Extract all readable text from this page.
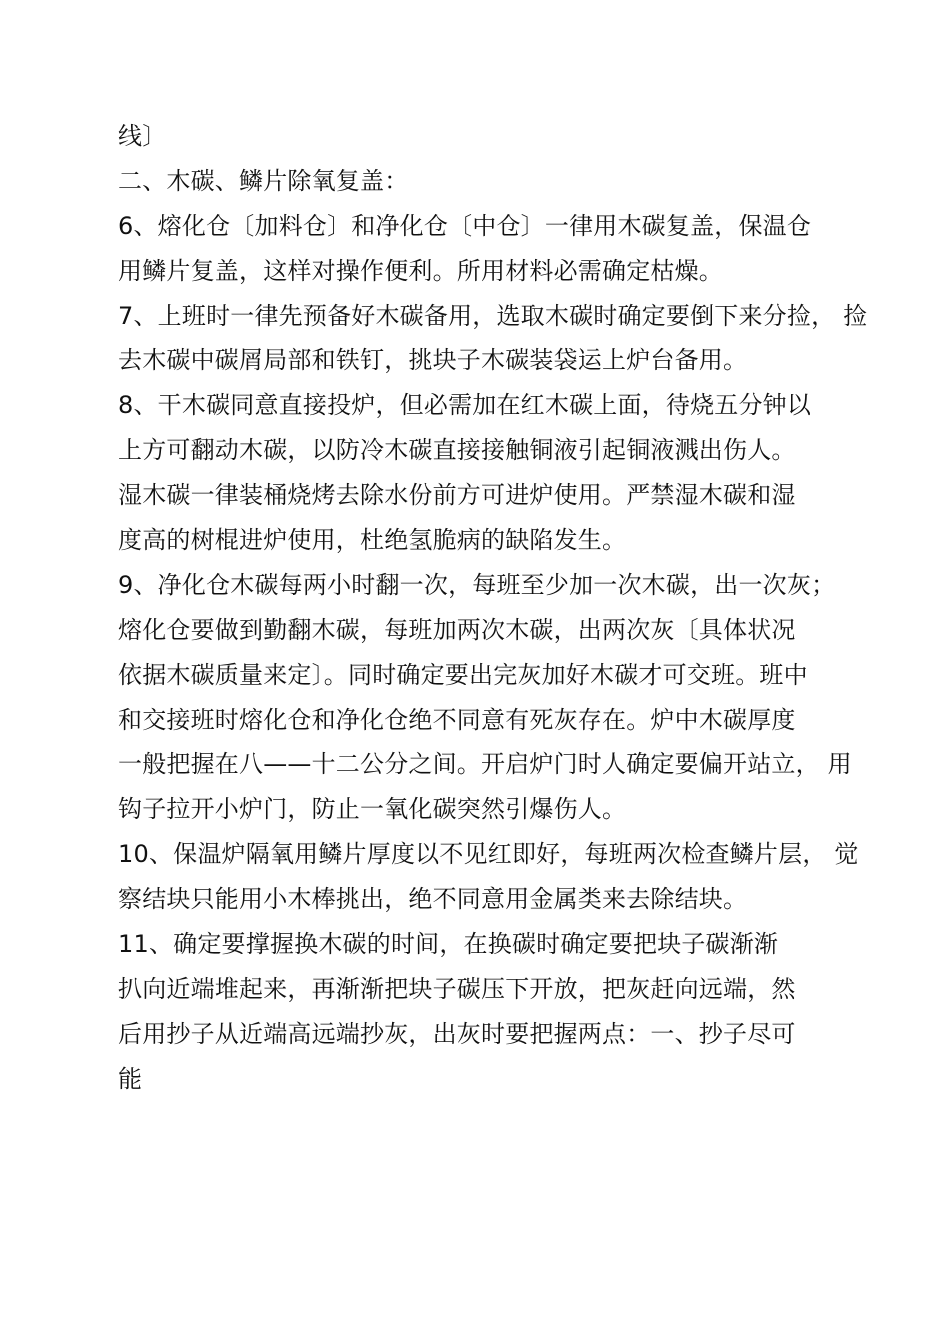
线〕
二、木碳、鳞片除氧复盖：
6、熔化仓〔加料仓〕和净化仓〔中仓〕一律用木碳复盖，保温仓
用鳞片复盖，这样对操作便利。所用材料必需确定枯燥。
7、上班时一律先预备好木碳备用，选取木碳时确定要倒下来分捡， 捡
去木碳中碳屑局部和铁钉，挑块子木碳装袋运上炉台备用。
8、干木碳同意直接投炉，但必需加在红木碳上面，待烧五分钟以
上方可翻动木碳，以防冷木碳直接接触铜液引起铜液溅出伤人。
湿木碳一律装桶烧烤去除水份前方可进炉使用。严禁湿木碳和湿
度高的树棍进炉使用，杜绝氢脆病的缺陷发生。
9、净化仓木碳每两小时翻一次，每班至少加一次木碳，出一次灰；
熔化仓要做到勤翻木碳，每班加两次木碳，出两次灰〔具体状况
依据木碳质量来定〕。同时确定要出完灰加好木碳才可交班。班中
和交接班时熔化仓和净化仓绝不同意有死灰存在。炉中木碳厚度
一般把握在八——十二公分之间。开启炉门时人确定要偏开站立， 用
钩子拉开小炉门，防止一氧化碳突然引爆伤人。
10、保温炉隔氧用鳞片厚度以不见红即好，每班两次检查鳞片层， 觉
察结块只能用小木棒挑出，绝不同意用金属类来去除结块。
11、确定要撑握换木碳的时间，在换碳时确定要把块子碳渐渐
扒向近端堆起来，再渐渐把块子碳压下开放，把灰赶向远端，然
后用抄子从近端高远端抄灰，出灰时要把握两点：一、抄子尽可
能
